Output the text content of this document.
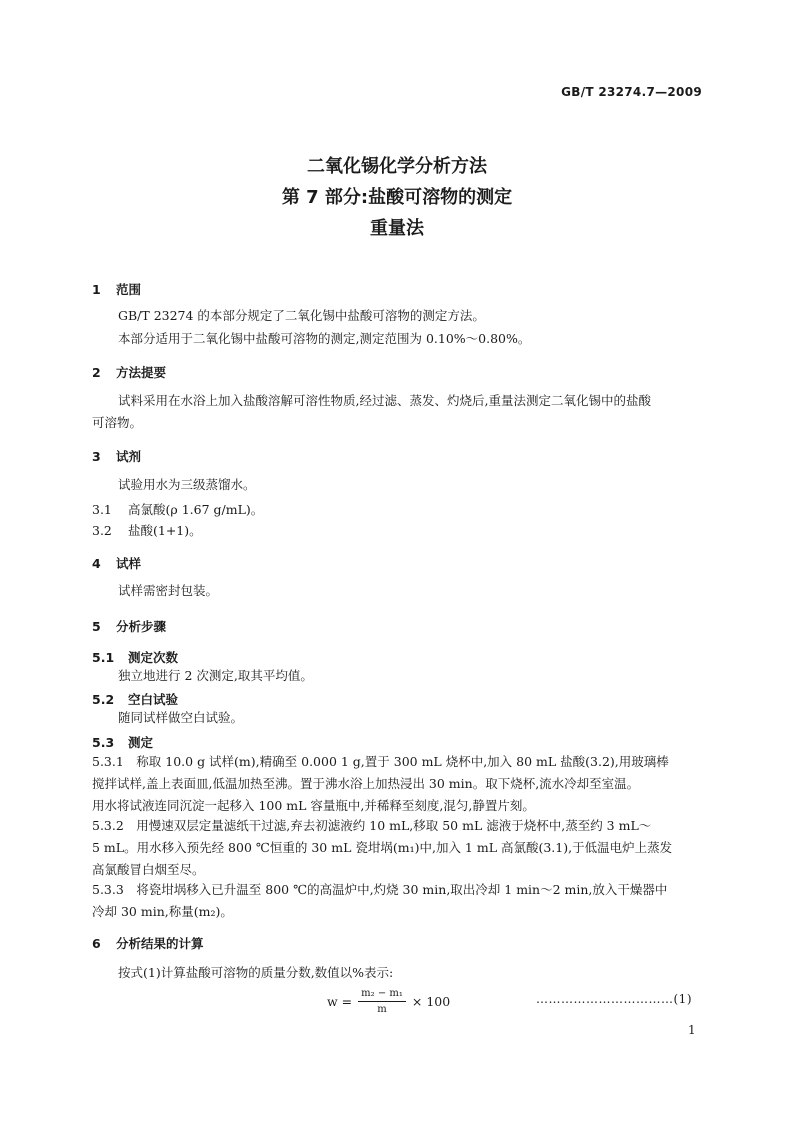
GB/T 23274.7—2009
二氧化锡化学分析方法
第 7 部分:盐酸可溶物的测定
重量法
1 范围
GB/T 23274 的本部分规定了二氧化锡中盐酸可溶物的测定方法。
本部分适用于二氧化锡中盐酸可溶物的测定,测定范围为 0.10%～0.80%。
2 方法提要
试料采用在水浴上加入盐酸溶解可溶性物质,经过滤、蒸发、灼烧后,重量法测定二氧化锡中的盐酸
可溶物。
3 试剂
试验用水为三级蒸馏水。
3.1 高氯酸(ρ 1.67 g/mL)。
3.2 盐酸(1+1)。
4 试样
试样需密封包装。
5 分析步骤
5.1 测定次数
独立地进行 2 次测定,取其平均值。
5.2 空白试验
随同试样做空白试验。
5.3 测定
5.3.1　称取 10.0 g 试样(m),精确至 0.000 1 g,置于 300 mL 烧杯中,加入 80 mL 盐酸(3.2),用玻璃棒
搅拌试样,盖上表面皿,低温加热至沸。置于沸水浴上加热浸出 30 min。取下烧杯,流水冷却至室温。
用水将试液连同沉淀一起移入 100 mL 容量瓶中,并稀释至刻度,混匀,静置片刻。
5.3.2　用慢速双层定量滤纸干过滤,弃去初滤液约 10 mL,移取 50 mL 滤液于烧杯中,蒸至约 3 mL～
5 mL。用水移入预先经 800 ℃恒重的 30 mL 瓷坩埚(m₁)中,加入 1 mL 高氯酸(3.1),于低温电炉上蒸发
高氯酸冒白烟至尽。
5.3.3　将瓷坩埚移入已升温至 800 ℃的高温炉中,灼烧 30 min,取出冷却 1 min～2 min,放入干燥器中
冷却 30 min,称量(m₂)。
6 分析结果的计算
按式(1)计算盐酸可溶物的质量分数,数值以%表示:
$w = \frac{\text{m₂ − m₁}}{m} \times 100$	……………………………(1)
1
